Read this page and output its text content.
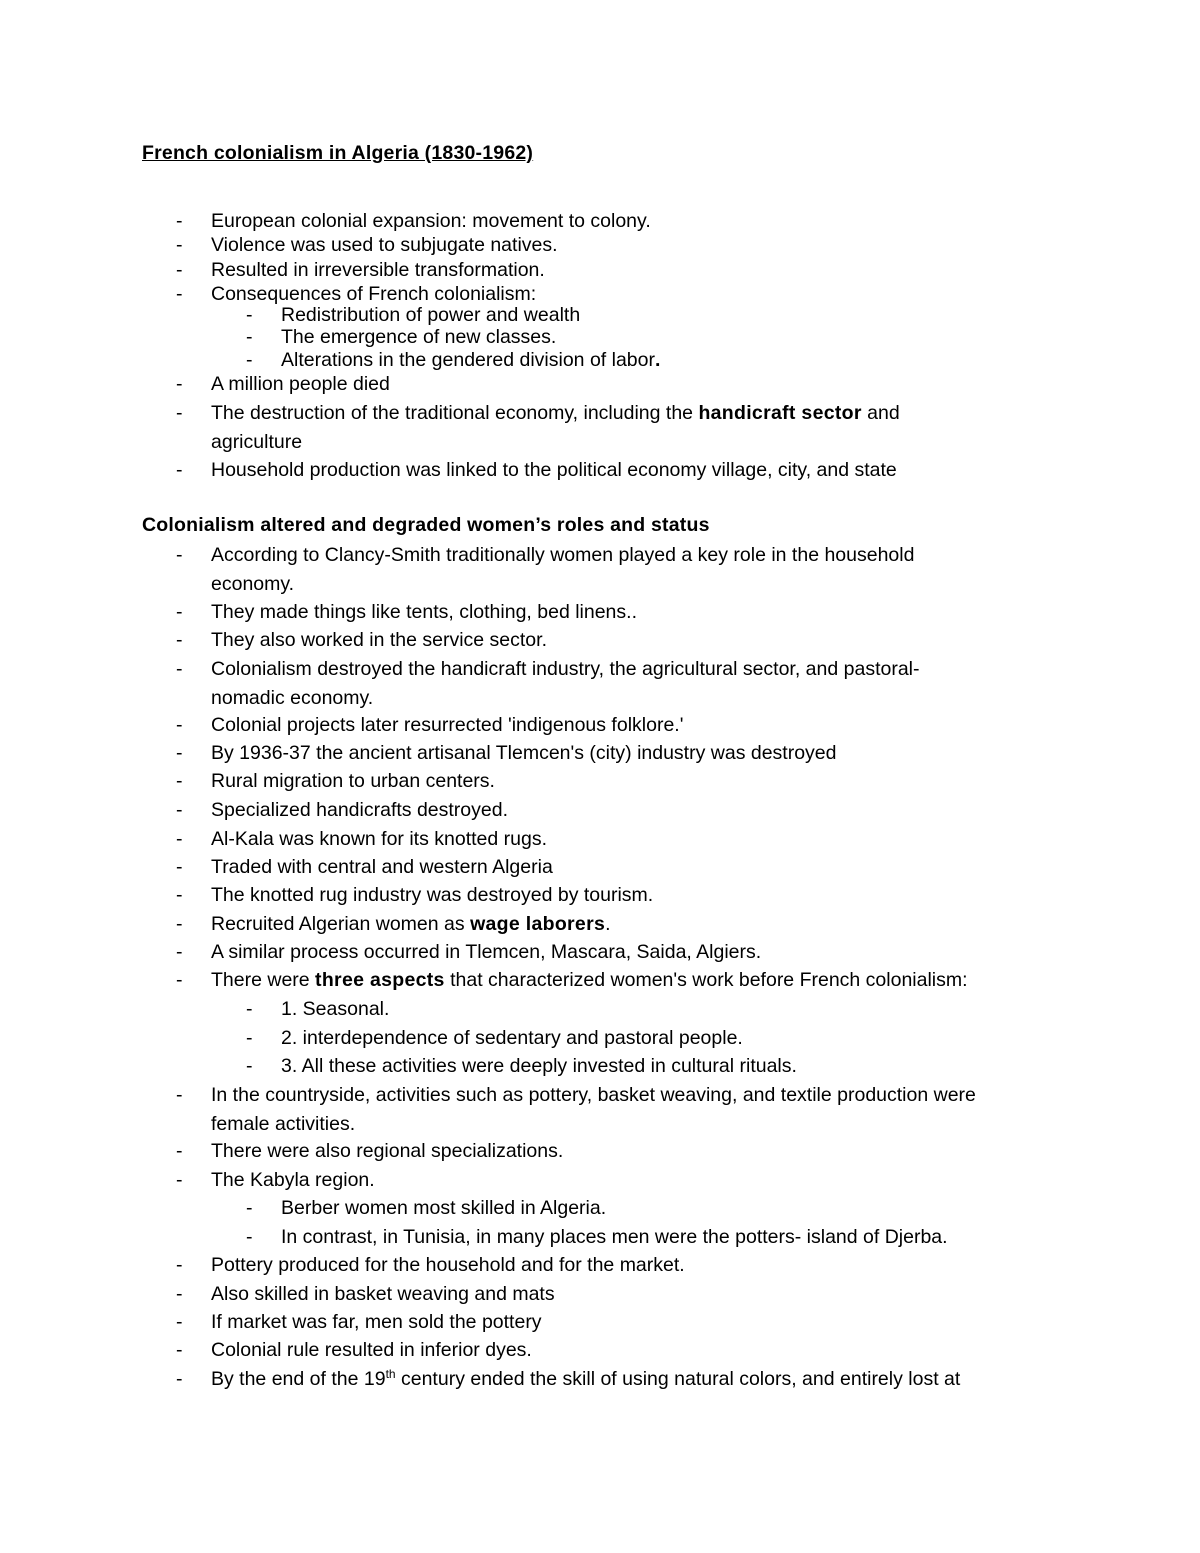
French colonialism in Algeria (1830-1962)
- European colonial expansion: movement to colony.
- Violence was used to subjugate natives.
- Resulted in irreversible transformation.
- Consequences of French colonialism:
- Redistribution of power and wealth
- The emergence of new classes.
- Alterations in the gendered division of labor.
- A million people died
- The destruction of the traditional economy, including the handicraft sector and
agriculture
- Household production was linked to the political economy village, city, and state
Colonialism altered and degraded women’s roles and status
- According to Clancy-Smith traditionally women played a key role in the household
economy.
- They made things like tents, clothing, bed linens..
- They also worked in the service sector.
- Colonialism destroyed the handicraft industry, the agricultural sector, and pastoral-
nomadic economy.
- Colonial projects later resurrected 'indigenous folklore.'
- By 1936-37 the ancient artisanal Tlemcen's (city) industry was destroyed
- Rural migration to urban centers.
- Specialized handicrafts destroyed.
- Al-Kala was known for its knotted rugs.
- Traded with central and western Algeria
- The knotted rug industry was destroyed by tourism.
- Recruited Algerian women as wage laborers.
- A similar process occurred in Tlemcen, Mascara, Saida, Algiers.
- There were three aspects that characterized women's work before French colonialism:
- 1. Seasonal.
- 2. interdependence of sedentary and pastoral people.
- 3. All these activities were deeply invested in cultural rituals.
- In the countryside, activities such as pottery, basket weaving, and textile production were
female activities.
- There were also regional specializations.
- The Kabyla region.
- Berber women most skilled in Algeria.
- In contrast, in Tunisia, in many places men were the potters- island of Djerba.
- Pottery produced for the household and for the market.
- Also skilled in basket weaving and mats
- If market was far, men sold the pottery
- Colonial rule resulted in inferior dyes.
- By the end of the 19th century ended the skill of using natural colors, and entirely lost at
